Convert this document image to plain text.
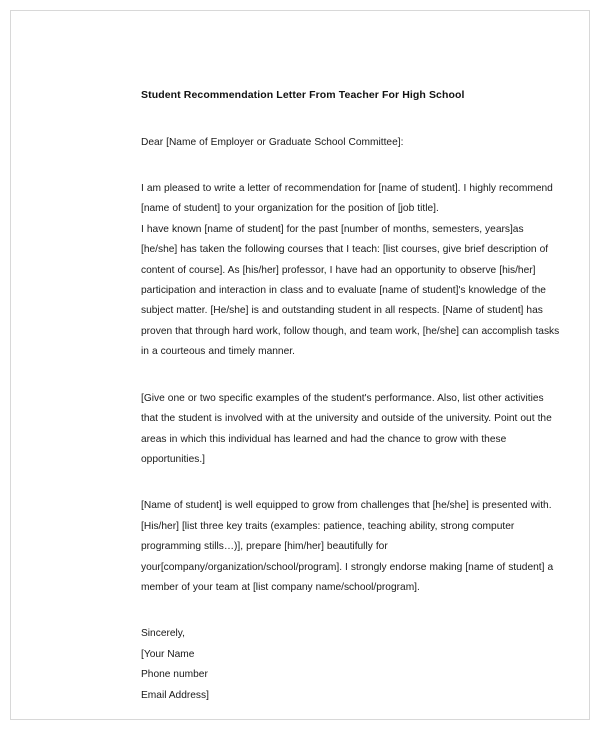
Student Recommendation Letter From Teacher For High School

Dear [Name of Employer or Graduate School Committee]:

I am pleased to write a letter of recommendation for [name of student]. I highly recommend [name of student] to your organization for the position of [job title].

I have known [name of student] for the past [number of months, semesters, years]as [he/she] has taken the following courses that I teach: [list courses, give brief description of content of course]. As [his/her] professor, I have had an opportunity to observe [his/her] participation and interaction in class and to evaluate [name of student]'s knowledge of the subject matter. [He/she] is and outstanding student in all respects. [Name of student] has proven that through hard work, follow though, and team work, [he/she] can accomplish tasks in a courteous and timely manner.

[Give one or two specific examples of the student's performance. Also, list other activities that the student is involved with at the university and outside of the university. Point out the areas in which this individual has learned and had the chance to grow with these opportunities.]

[Name of student] is well equipped to grow from challenges that [he/she] is presented with. [His/her] [list three key traits (examples: patience, teaching ability, strong computer programming stills…)], prepare [him/her] beautifully for your[company/organization/school/program]. I strongly endorse making [name of student] a member of your team at [list company name/school/program].

Sincerely,
[Your Name
Phone number
Email Address]
